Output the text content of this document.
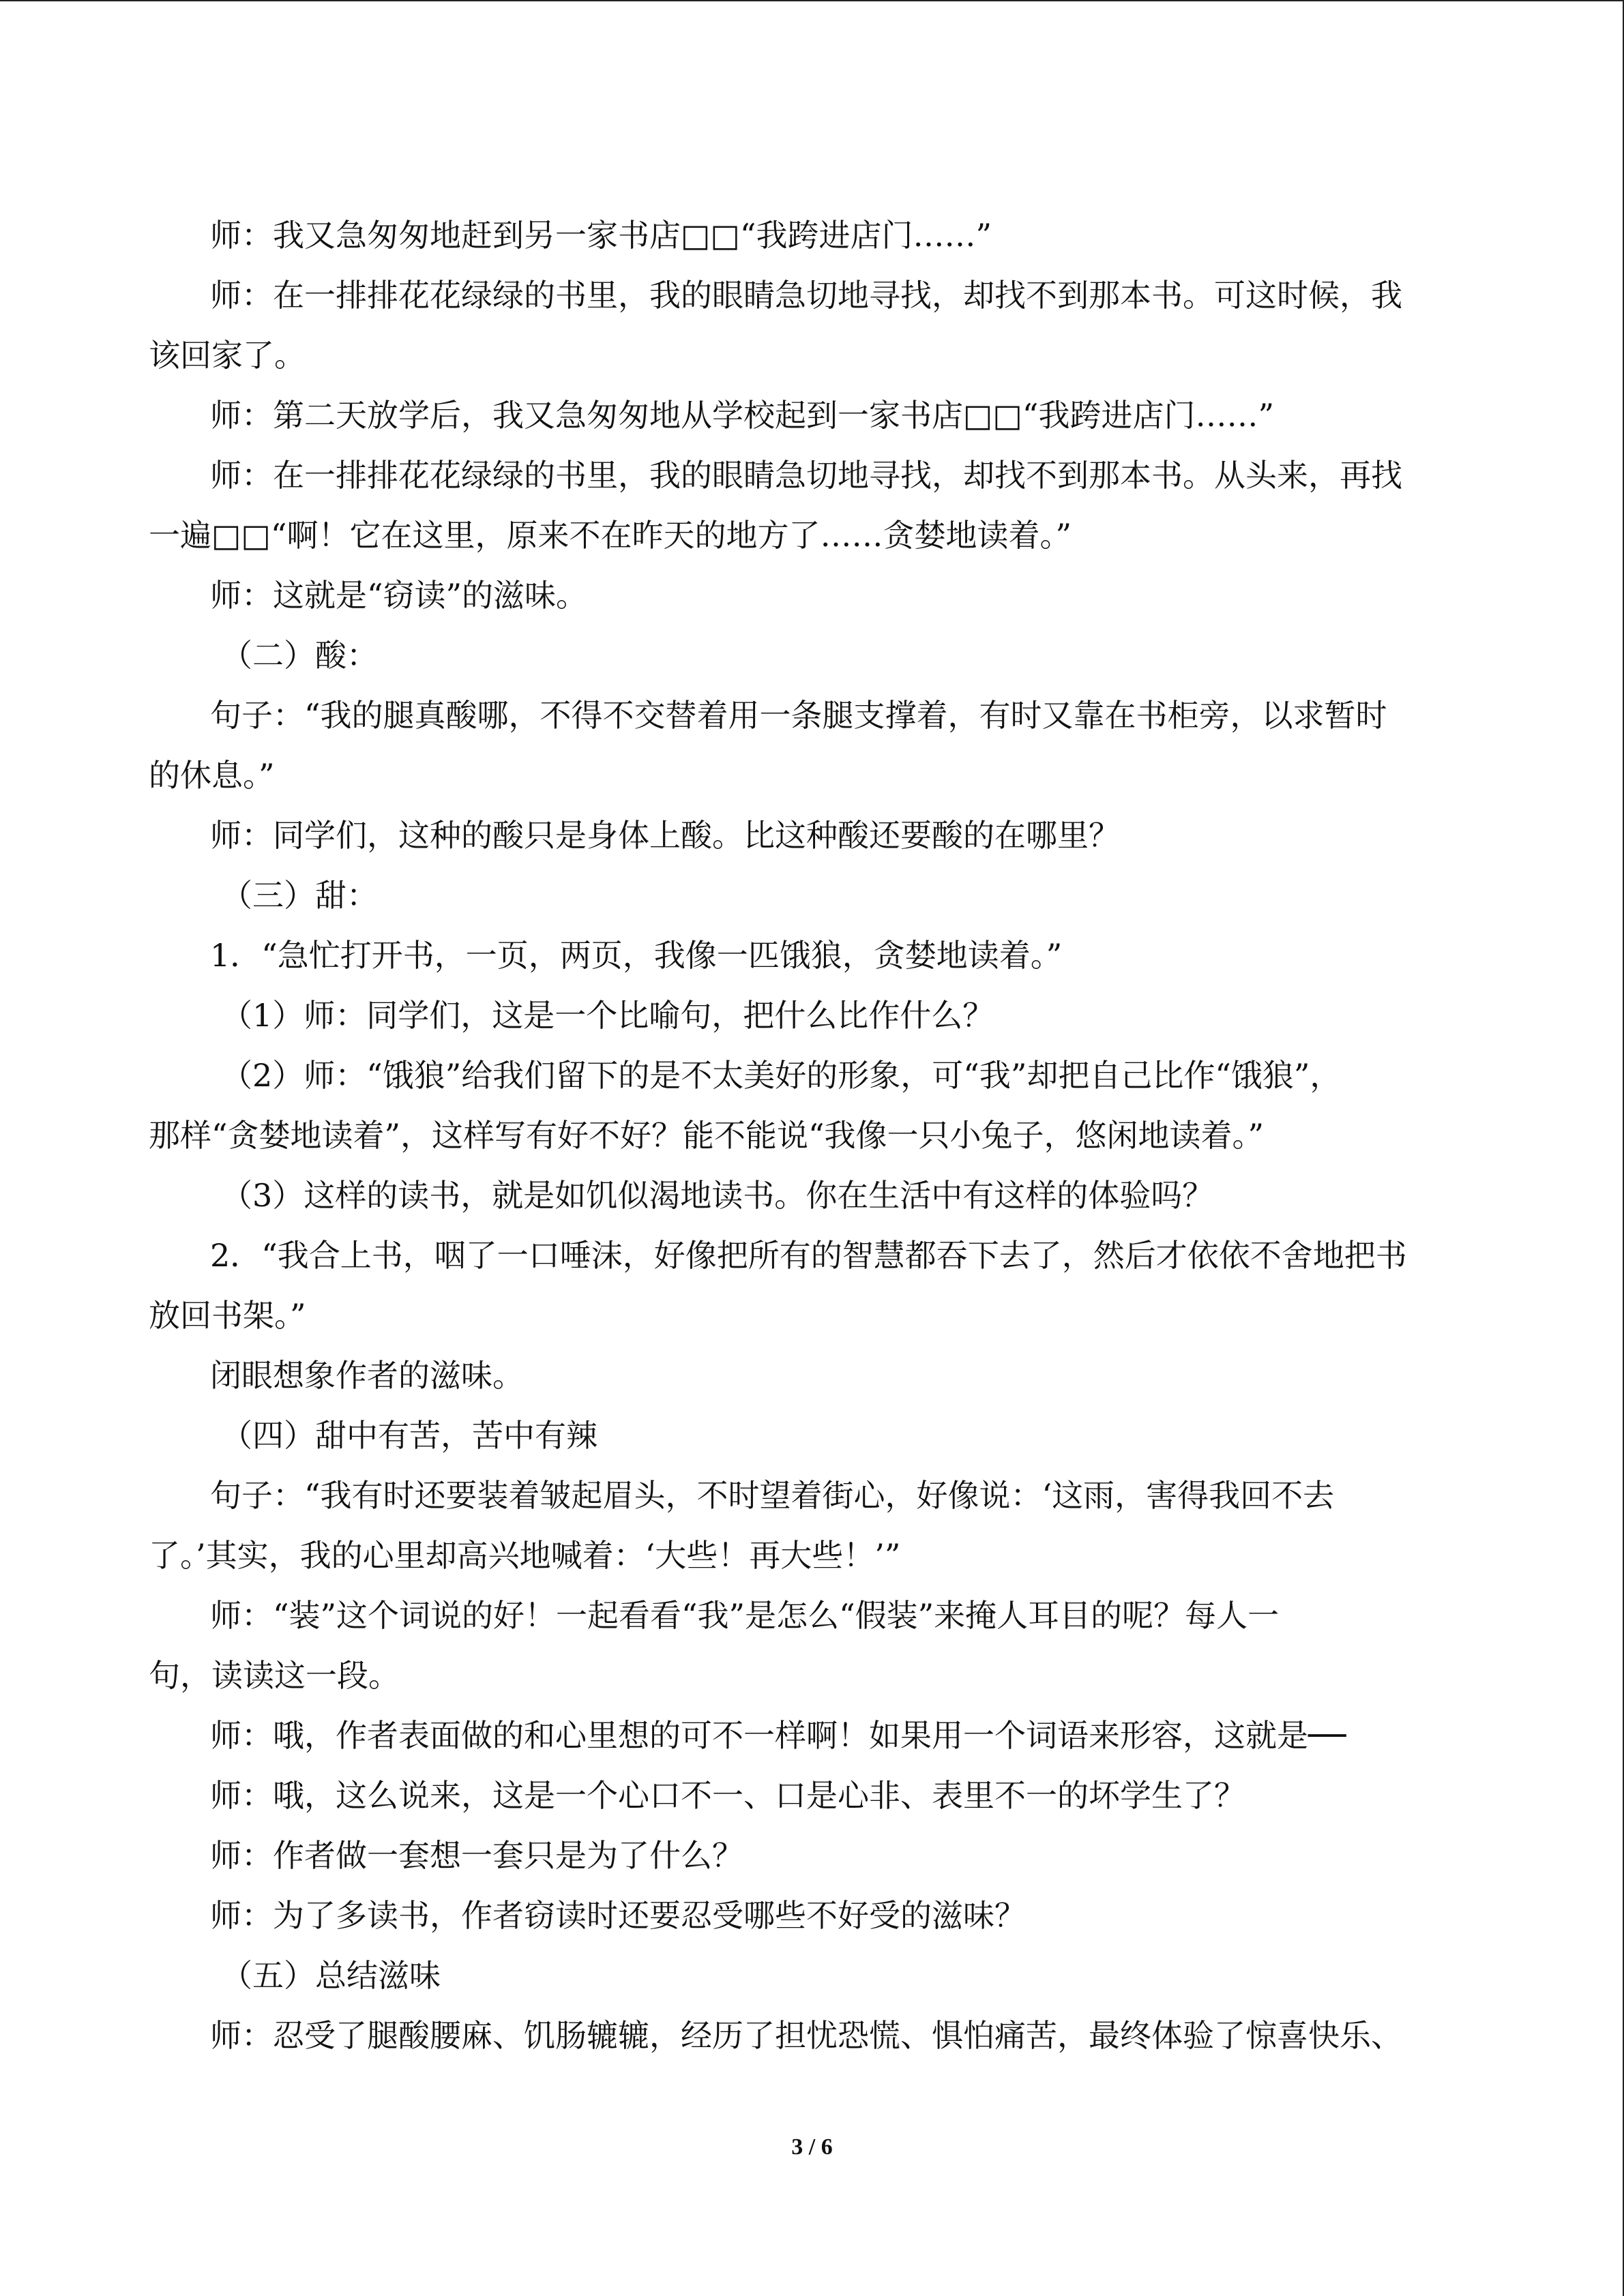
师：我又急匆匆地赶到另一家书店□□“我跨进店门……”
师：在一排排花花绿绿的书里，我的眼睛急切地寻找，却找不到那本书。可这时候，我
该回家了。
师：第二天放学后，我又急匆匆地从学校起到一家书店□□“我跨进店门……”
师：在一排排花花绿绿的书里，我的眼睛急切地寻找，却找不到那本书。从头来，再找
一遍□□“啊！它在这里，原来不在昨天的地方了……贪婪地读着。”
师：这就是“窃读”的滋味。
（二）酸：
句子：“我的腿真酸哪，不得不交替着用一条腿支撑着，有时又靠在书柜旁，以求暂时
的休息。”
师：同学们，这种的酸只是身体上酸。比这种酸还要酸的在哪里？
（三）甜：
1．“急忙打开书，一页，两页，我像一匹饿狼，贪婪地读着。”
（1）师：同学们，这是一个比喻句，把什么比作什么？
（2）师：“饿狼”给我们留下的是不太美好的形象，可“我”却把自己比作“饿狼”，
那样“贪婪地读着”，这样写有好不好？能不能说“我像一只小兔子，悠闲地读着。”
（3）这样的读书，就是如饥似渴地读书。你在生活中有这样的体验吗？
2．“我合上书，咽了一口唾沫，好像把所有的智慧都吞下去了，然后才依依不舍地把书
放回书架。”
闭眼想象作者的滋味。
（四）甜中有苦，苦中有辣
句子：“我有时还要装着皱起眉头，不时望着街心，好像说：‘这雨，害得我回不去
了。’其实，我的心里却高兴地喊着：‘大些！再大些！’”
师：“装”这个词说的好！一起看看“我”是怎么“假装”来掩人耳目的呢？每人一
句，读读这一段。
师：哦，作者表面做的和心里想的可不一样啊！如果用一个词语来形容，这就是──
师：哦，这么说来，这是一个心口不一、口是心非、表里不一的坏学生了？
师：作者做一套想一套只是为了什么？
师：为了多读书，作者窃读时还要忍受哪些不好受的滋味？
（五）总结滋味
师：忍受了腿酸腰麻、饥肠辘辘，经历了担忧恐慌、惧怕痛苦，最终体验了惊喜快乐、
3 / 6
